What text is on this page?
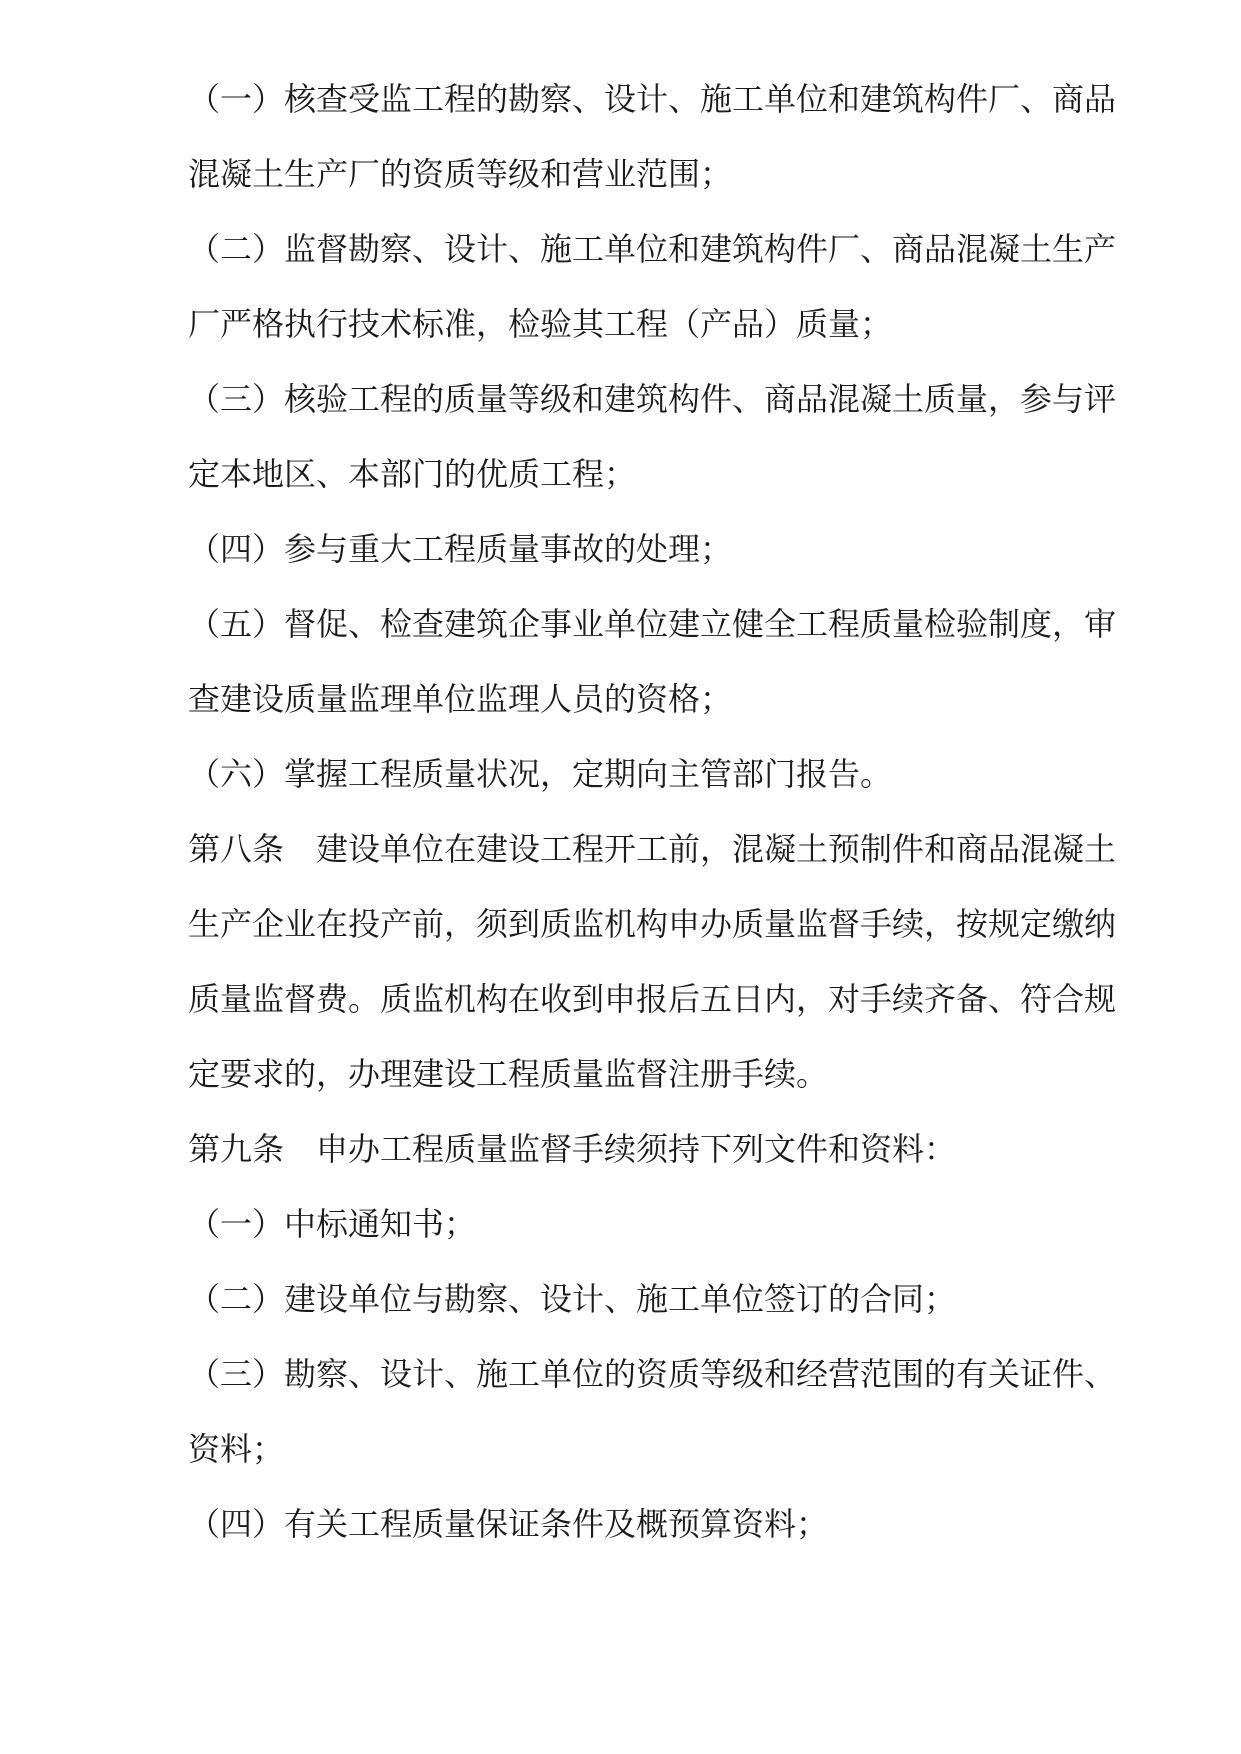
（一）核查受监工程的勘察、设计、施工单位和建筑构件厂、商品
混凝土生产厂的资质等级和营业范围；
（二）监督勘察、设计、施工单位和建筑构件厂、商品混凝土生产
厂严格执行技术标准，检验其工程（产品）质量；
（三）核验工程的质量等级和建筑构件、商品混凝土质量，参与评
定本地区、本部门的优质工程；
（四）参与重大工程质量事故的处理；
（五）督促、检查建筑企事业单位建立健全工程质量检验制度，审
查建设质量监理单位监理人员的资格；
（六）掌握工程质量状况，定期向主管部门报告。
第八条　建设单位在建设工程开工前，混凝土预制件和商品混凝土
生产企业在投产前，须到质监机构申办质量监督手续，按规定缴纳
质量监督费。质监机构在收到申报后五日内，对手续齐备、符合规
定要求的，办理建设工程质量监督注册手续。
第九条　申办工程质量监督手续须持下列文件和资料：
（一）中标通知书；
（二）建设单位与勘察、设计、施工单位签订的合同；
（三）勘察、设计、施工单位的资质等级和经营范围的有关证件、
资料；
（四）有关工程质量保证条件及概预算资料；
